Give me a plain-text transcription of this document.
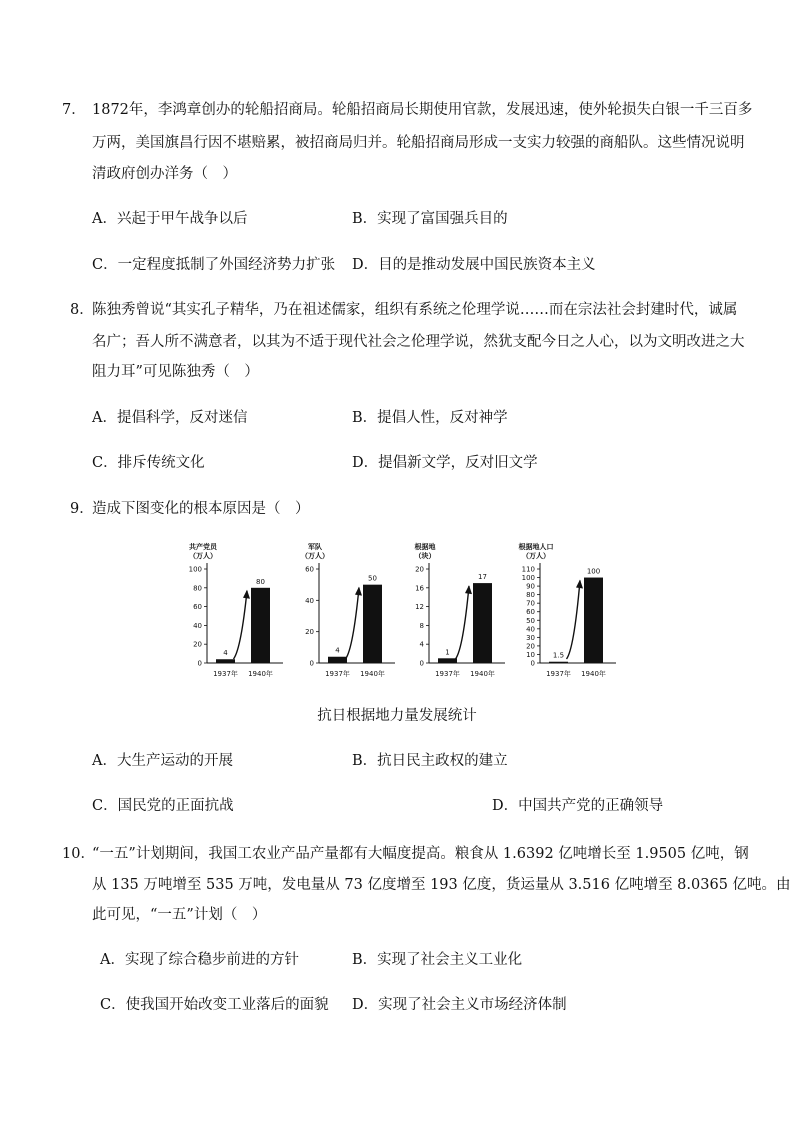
7． 1872年，李鸿章创办的轮船招商局。轮船招商局长期使用官款，发展迅速，使外轮损失白银一千三百多
万两，美国旗昌行因不堪赔累，被招商局归并。轮船招商局形成一支实力较强的商船队。这些情况说明
清政府创办洋务（　）
A．兴起于甲午战争以后	B．实现了富国强兵目的
C．一定程度抵制了外国经济势力扩张 D．目的是推动发展中国民族资本主义
8．
陈独秀曾说“其实孔子精华，乃在祖述儒家，组织有系统之伦理学说……而在宗法社会封建时代，诚属
名广；吾人所不满意者，以其为不适于现代社会之伦理学说，然犹支配今日之人心，以为文明改进之大
阻力耳”可见陈独秀（　）
A．提倡科学，反对迷信	B．提倡人性，反对神学
C．排斥传统文化	D．提倡新文学，反对旧文学
9．
造成下图变化的根本原因是（　）
共产党员
（万人）
0
20
40
60
80
100
4
1937年
80
1940年
军队
（万人）
0
20
40
60
4
1937年
50
1940年
根据地
（块）
0
4
8
12
16
20
1
1937年
17
1940年
根据地人口
（万人）
0
10
20
30
40
50
60
70
80
90
100
110
1.5
1937年
100
1940年
抗日根据地力量发展统计
A．大生产运动的开展	B．抗日民主政权的建立
C．国民党的正面抗战	D．中国共产党的正确领导
10．
“一五”计划期间，我国工农业产品产量都有大幅度提高。粮食从 1.6392 亿吨增长至 1.9505 亿吨，钢
从 135 万吨增至 535 万吨，发电量从 73 亿度增至 193 亿度，货运量从 3.516 亿吨增至 8.0365 亿吨。由
此可见，“一五”计划（　）
A．实现了综合稳步前进的方针	B．实现了社会主义工业化
C．使我国开始改变工业落后的面貌 D．实现了社会主义市场经济体制
